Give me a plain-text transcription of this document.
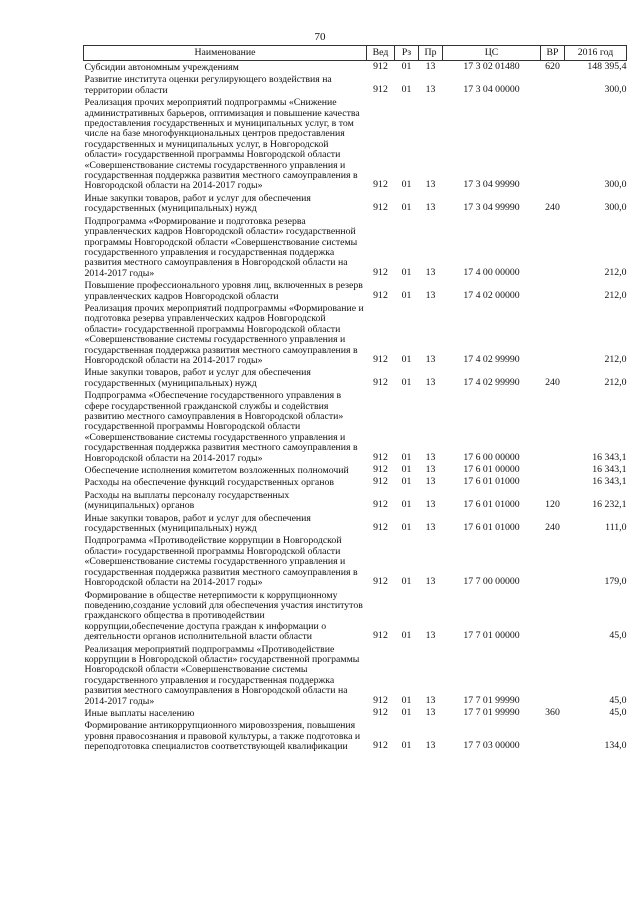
70
Наименование	Вед	Рз	Пр	ЦС	ВР	2016 год
Субсидии автономным учреждениям	912	01	13	17 3 02 01480	620	148 395,4
Развитие института оценки регулирующего воздействия на территории области	912	01	13	17 3 04 00000		300,0
Реализация прочих мероприятий подпрограммы «Снижение административных барьеров, оптимизация и повышение качества предоставления государственных и муниципальных услуг, в том числе на базе многофункциональных центров предоставления государственных и муниципальных услуг, в Новгородской области» государственной программы Новгородской области «Совершенствование системы государственного управления и государственная поддержка развития местного самоуправления в Новгородской области на 2014-2017 годы»	912	01	13	17 3 04 99990		300,0
Иные закупки товаров, работ и услуг для обеспечения государственных (муниципальных) нужд	912	01	13	17 3 04 99990	240	300,0
Подпрограмма «Формирование и подготовка резерва управленческих кадров Новгородской области» государственной программы Новгородской области «Совершенствование системы государственного управления и государственная поддержка развития местного самоуправления в Новгородской области на 2014-2017 годы»	912	01	13	17 4 00 00000		212,0
Повышение профессионального уровня лиц, включенных в резерв управленческих кадров Новгородской области	912	01	13	17 4 02 00000		212,0
Реализация прочих мероприятий подпрограммы «Формирование и подготовка резерва управленческих кадров Новгородской области» государственной программы Новгородской области «Совершенствование системы государственного управления и государственная поддержка развития местного самоуправления в Новгородской области на 2014-2017 годы»	912	01	13	17 4 02 99990		212,0
Иные закупки товаров, работ и услуг для обеспечения государственных (муниципальных) нужд	912	01	13	17 4 02 99990	240	212,0
Подпрограмма «Обеспечение государственного управления в сфере государственной гражданской службы и содействия развитию местного самоуправления в Новгородской области» государственной программы Новгородской области «Совершенствование системы государственного управления и государственная поддержка развития местного самоуправления в Новгородской области на 2014-2017 годы»	912	01	13	17 6 00 00000		16 343,1
Обеспечение исполнения комитетом возложенных полномочий	912	01	13	17 6 01 00000		16 343,1
Расходы на обеспечение функций государственных органов	912	01	13	17 6 01 01000		16 343,1
Расходы на выплаты персоналу государственных (муниципальных) органов	912	01	13	17 6 01 01000	120	16 232,1
Иные закупки товаров, работ и услуг для обеспечения государственных (муниципальных) нужд	912	01	13	17 6 01 01000	240	111,0
Подпрограмма «Противодействие коррупции в Новгородской области» государственной программы Новгородской области «Совершенствование системы государственного управления и государственная поддержка развития местного самоуправления в Новгородской области на 2014-2017 годы»	912	01	13	17 7 00 00000		179,0
Формирование в обществе нетерпимости к коррупционному поведению,создание условий для обеспечения участия институтов гражданского общества в противодействии коррупции,обеспечение доступа граждан к информации о деятельности органов исполнительной власти области	912	01	13	17 7 01 00000		45,0
Реализация мероприятий подпрограммы «Противодействие коррупции в Новгородской области» государственной программы Новгородской области «Совершенствование системы государственного управления и государственная поддержка развития местного самоуправления в Новгородской области на 2014-2017 годы»	912	01	13	17 7 01 99990		45,0
Иные выплаты населению	912	01	13	17 7 01 99990	360	45,0
Формирование антикоррупционного мировоззрения, повышения уровня правосознания и правовой культуры, а также подготовка и переподготовка специалистов соответствующей квалификации	912	01	13	17 7 03 00000		134,0
